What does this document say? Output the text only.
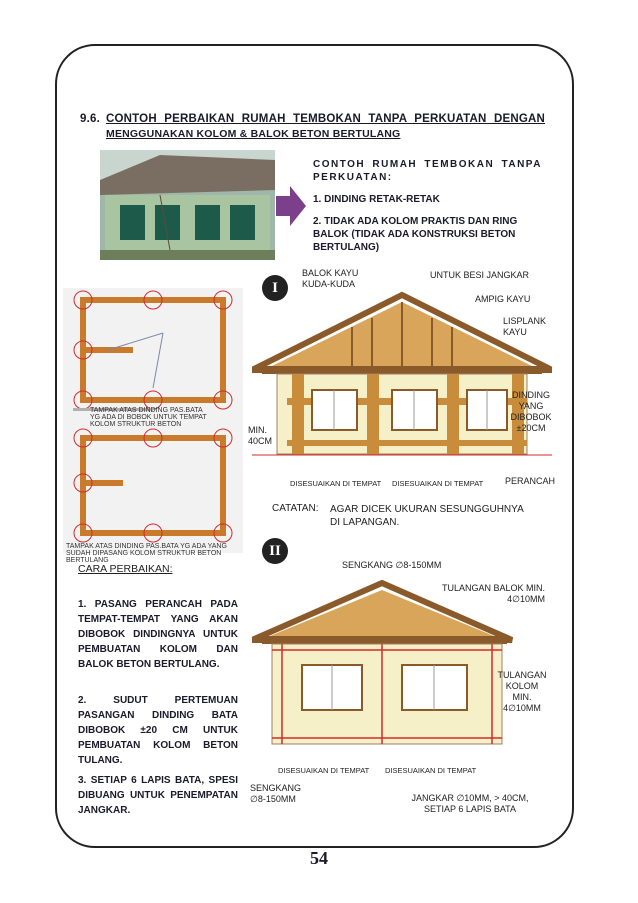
9.6. CONTOH PERBAIKAN RUMAH TEMBOKAN TANPA PERKUATAN DENGAN
MENGGUNAKAN KOLOM & BALOK BETON BERTULANG
CONTOH RUMAH TEMBOKAN TANPA PERKUATAN:
1. DINDING RETAK-RETAK
2. TIDAK ADA KOLOM PRAKTIS DAN RING BALOK (TIDAK ADA KONSTRUKSI BETON BERTULANG)
TAMPAK ATAS DINDING PAS.BATA YG ADA DI BOBOK UNTUK TEMPAT KOLOM STRUKTUR BETON
TAMPAK ATAS DINDING PAS.BATA YG ADA YANG SUDAH DIPASANG KOLOM STRUKTUR BETON BERTULANG
I
BALOK KAYU KUDA-KUDA
UNTUK BESI JANGKAR
AMPIG KAYU
LISPLANK KAYU
DINDING YANG DIBOBOK ±20CM
MIN. 40CM
PERANCAH
DISESUAIKAN DI TEMPAT DISESUAIKAN DI TEMPAT
CATATAN: AGAR DICEK UKURAN SESUNGGUHNYA DI LAPANGAN.
II
SENGKANG ∅8-150MM
TULANGAN BALOK MIN. 4∅10MM
TULANGAN KOLOM MIN. 4∅10MM
SENGKANG ∅8-150MM
DISESUAIKAN DI TEMPAT DISESUAIKAN DI TEMPAT
JANGKAR ∅10MM, > 40CM, SETIAP 6 LAPIS BATA
CARA PERBAIKAN:
1. PASANG PERANCAH PADA TEMPAT-TEMPAT YANG AKAN DIBOBOK DINDINGNYA UNTUK PEMBUATAN KOLOM DAN BALOK BETON BERTULANG.
2. SUDUT PERTEMUAN PASANGAN DINDING BATA DIBOBOK ±20 CM UNTUK PEMBUATAN KOLOM BETON TULANG.
3. SETIAP 6 LAPIS BATA, SPESI DIBUANG UNTUK PENEMPATAN JANGKAR.
54
